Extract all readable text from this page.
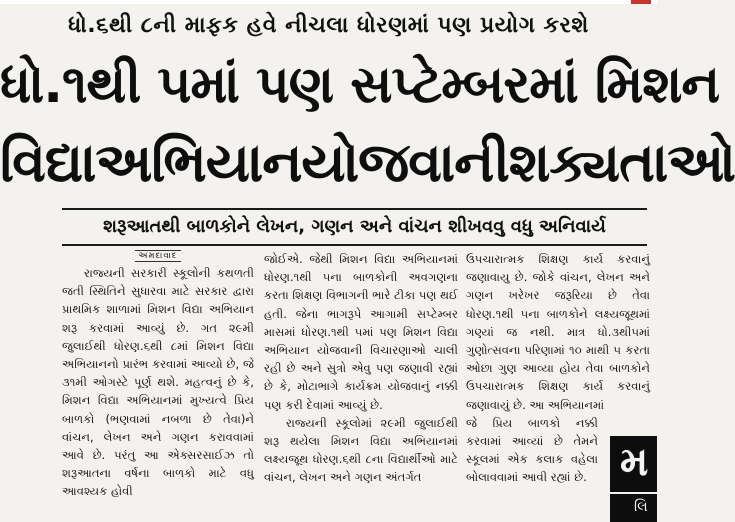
ધો.૬થી ૮ની માફક હવે નીચલા ધોરણમાં પણ પ્રયોગ કરશે
ધો.૧થી ૫માં પણ સપ્ટેમ્બરમાં મિશન
વિદ્યાઅભિયાનયોજવાનીશક્યતાઓ
શરૂઆતથી બાળકોને લેખન, ગણન અને વાંચન શીખવવુ વધુ અનિવાર્ય
અમદાવાદ

રાજ્યની સરકારી સ્કૂલોની કથળતી જતી સ્થિતિને સુધારવા માટે સરકાર દ્વારા પ્રાથમિક શાળામાં મિશન વિદ્યા અભિયાન શરૂ કરવામાં આવ્યું છે. ગત ૨૯મી જુલાઈથી ધોરણ.૬થી ૮માં મિશન વિદ્યા અભિયાનનો પ્રારંભ કરવામાં આવ્યો છે, જે ૩૧મી ઓગસ્ટે પૂર્ણ થશે. મહત્વનું છે કે, મિશન વિદ્યા અભિયાનમાં મુખ્યત્વે પ્રિય બાળકો (ભણવામાં નબળા છે તેવા)ને વાંચન, લેખન અને ગણન કરાવવામાં આવે છે. પરંતુ આ એક્સરસાઈઝ તો શરૂઆતના વર્ષના બાળકો માટે વધુ આવશ્યક હોવી

જોઈએ. જેથી મિશન વિદ્યા અભિયાનમાં ધોરણ.૧થી ૫ના બાળકોની અવગણના કરતા શિક્ષણ વિભાગની ભારે ટીકા પણ થઈ હતી. જેના ભાગરૂપે આગામી સપ્ટેમ્બર માસમાં ધોરણ.૧થી ૫માં પણ મિશન વિદ્યા અભિયાન યોજવાની વિચારણાઓ ચાલી રહી છે અને સુત્રો એવુ પણ જણાવી રહ્યાં છે કે, મોટાભાગે કાર્યક્રમ યોજવાનું નક્કી પણ કરી દેવામાં આવ્યું છે.

રાજ્યની સ્કૂલોમાં ૨૯મી જુલાઈથી શરૂ થયેલા મિશન વિદ્યા અભિયાનમાં લક્ષ્યજૂથ ધોરણ.૬થી ૮ના વિદ્યાર્થીઓ માટે વાંચન, લેખન અને ગણન અંતર્ગત

ઉપચારાત્મક શિક્ષણ કાર્ય કરવાનું જણાવાયુ છે. જોકે વાંચન, લેખન અને ગણન ખરેખર જરૂરિયા છે તેવા ધોરણ.૧થી ૫ના બાળકોને લક્ષ્યજૂથમાં ગણ્યાં જ નથી. માત્ર ધો.૩થી૫માં ગુણોત્સવના પરિણામાં ૧૦ માથી ૫ કરતા ઓછા ગુણ આવ્યા હોય તેવા બાળકોને ઉપચારાત્મક શિક્ષણ કાર્ય કરવાનું જણાવાયું છે. આ અભિયાનમાં

જે પ્રિય બાળકો નક્કી કરવામાં આવ્યાં છે તેમને સ્કૂલમાં એક કલાક વહેલા બોલાવવામાં આવી રહ્યાં છે. મ
લિ
